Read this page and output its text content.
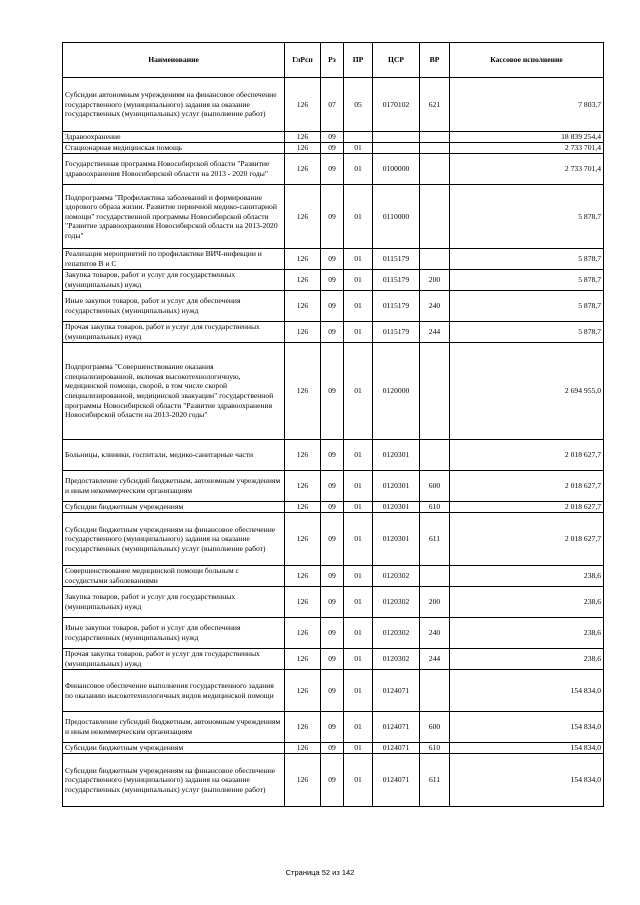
Наименование	ГлРсп	Рз	ПР	ЦСР	ВР	Кассовое исполнение
Субсидии автономным учреждениям на финансовое обеспечение государственного (муниципального) задания на оказание государственных (муниципальных) услуг (выполнение работ)	126	07	05	0170102	621	7 803,7
Здравоохранение	126	09				18 839 254,4
Стационарная медицинская помощь	126	09	01			2 733 701,4
Государственная программа Новосибирской области "Развитие здравоохранения Новосибирской области на 2013 - 2020 годы"	126	09	01	0100000		2 733 701,4
Подпрограмма "Профилактика заболеваний и формирование здорового образа жизни. Развитие первичной медико-санитарной помощи" государственной программы Новосибирской области "Развитие здравоохранения Новосибирской области на 2013-2020 годы"	126	09	01	0110000		5 878,7
Реализация мероприятий по профилактике ВИЧ-инфекции и гепатитов В и С	126	09	01	0115179		5 878,7
Закупка товаров, работ и услуг для государственных (муниципальных) нужд	126	09	01	0115179	200	5 878,7
Иные закупки товаров, работ и услуг для обеспечения государственных (муниципальных) нужд	126	09	01	0115179	240	5 878,7
Прочая закупка товаров, работ и услуг для государственных (муниципальных) нужд	126	09	01	0115179	244	5 878,7
Подпрограмма "Совершенствование оказания специализированной, включая высокотехнологичную, медицинской помощи, скорой, в том числе скорой специализированной, медицинской эвакуации" государственной программы Новосибирской области "Развитие здравоохранения Новосибирской области на 2013-2020 годы"	126	09	01	0120000		2 694 955,0
Больницы, клиники, госпитали, медико-санитарные части	126	09	01	0120301		2 018 627,7
Предоставление субсидий бюджетным, автономным учреждениям и иным некоммерческим организациям	126	09	01	0120301	600	2 018 627,7
Субсидии бюджетным учреждениям	126	09	01	0120301	610	2 018 627,7
Субсидии бюджетным учреждениям на финансовое обеспечение государственного (муниципального) задания на оказание государственных (муниципальных) услуг (выполнение работ)	126	09	01	0120301	611	2 018 627,7
Совершенствование медицинской помощи больным с сосудистыми заболеваниями	126	09	01	0120302		238,6
Закупка товаров, работ и услуг для государственных (муниципальных) нужд	126	09	01	0120302	200	238,6
Иные закупки товаров, работ и услуг для обеспечения государственных (муниципальных) нужд	126	09	01	0120302	240	238,6
Прочая закупка товаров, работ и услуг для государственных (муниципальных) нужд	126	09	01	0120302	244	238,6
Финансовое обеспечение выполнения государственного задания по оказанию высокотехнологичных видов медицинской помощи	126	09	01	0124071		154 834,0
Предоставление субсидий бюджетным, автономным учреждениям и иным некоммерческим организациям	126	09	01	0124071	600	154 834,0
Субсидии бюджетным учреждениям	126	09	01	0124071	610	154 834,0
Субсидии бюджетным учреждениям на финансовое обеспечение государственного (муниципального) задания на оказание государственных (муниципальных) услуг (выполнение работ)	126	09	01	0124071	611	154 834,0
Страница 52 из 142
